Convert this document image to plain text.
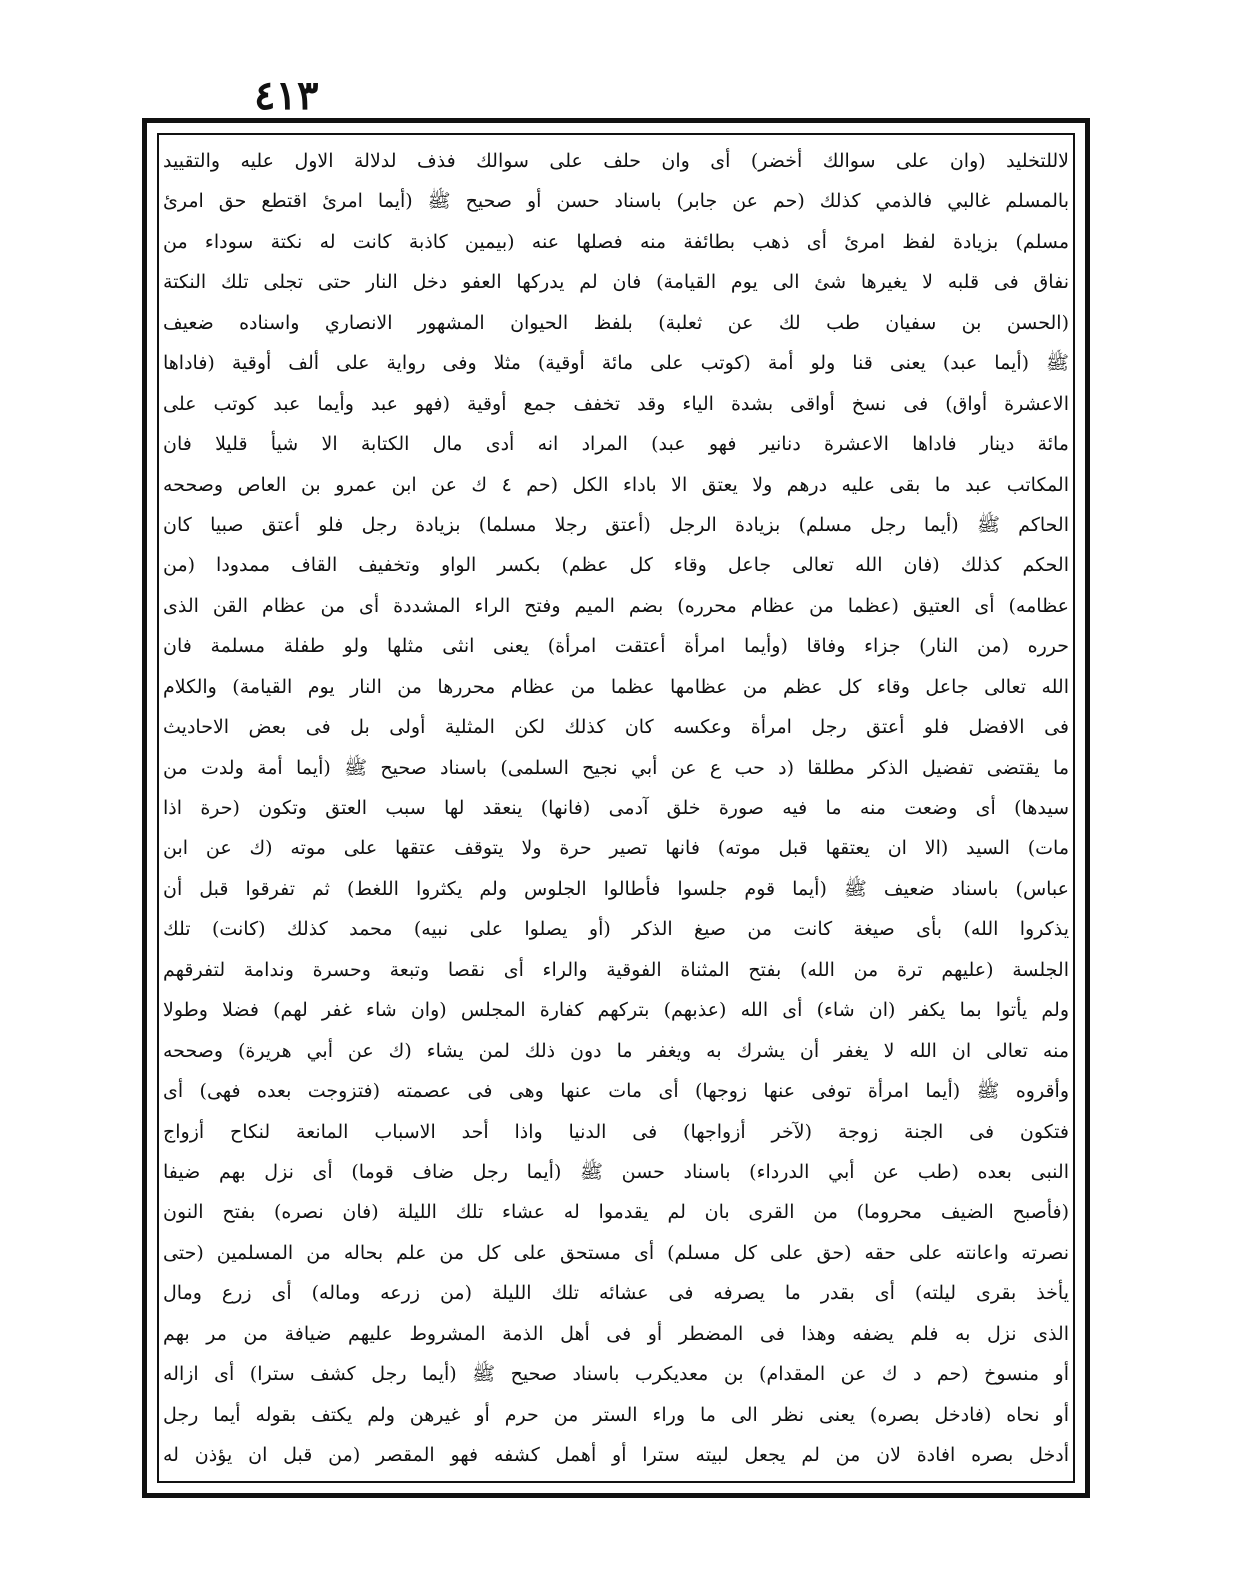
٤١٣
لاللتخليد (وان على سوالك أخضر) أى وان حلف على سوالك فذف لدلالة الاول عليه والتقييد
بالمسلم غالبي فالذمي كذلك (حم عن جابر) باسناد حسن أو صحيح ﷺ (أيما امرئ اقتطع حق امرئ
مسلم) بزيادة لفظ امرئ أى ذهب بطائفة منه فصلها عنه (بيمين كاذبة كانت له نكتة سوداء من
نفاق فى قلبه لا يغيرها شئ الى يوم القيامة) فان لم يدركها العفو دخل النار حتى تجلى تلك النكتة
(الحسن بن سفيان طب لك عن ثعلبة) بلفظ الحيوان المشهور الانصاري واسناده ضعيف
ﷺ (أيما عبد) يعنى قنا ولو أمة (كوتب على مائة أوقية) مثلا وفى رواية على ألف أوقية (فاداها
الاعشرة أواق) فى نسخ أواقى بشدة الياء وقد تخفف جمع أوقية (فهو عبد وأيما عبد كوتب على
مائة دينار فاداها الاعشرة دنانير فهو عبد) المراد انه أدى مال الكتابة الا شيأ قليلا فان
المكاتب عبد ما بقى عليه درهم ولا يعتق الا باداء الكل (حم ٤ ك عن ابن عمرو بن العاص وصححه
الحاكم ﷺ (أيما رجل مسلم) بزيادة الرجل (أعتق رجلا مسلما) بزيادة رجل فلو أعتق صبيا كان
الحكم كذلك (فان الله تعالى جاعل وقاء كل عظم) بكسر الواو وتخفيف القاف ممدودا (من
عظامه) أى العتيق (عظما من عظام محرره) بضم الميم وفتح الراء المشددة أى من عظام القن الذى
حرره (من النار) جزاء وفاقا (وأيما امرأة أعتقت امرأة) يعنى انثى مثلها ولو طفلة مسلمة فان
الله تعالى جاعل وقاء كل عظم من عظامها عظما من عظام محررها من النار يوم القيامة) والكلام
فى الافضل فلو أعتق رجل امرأة وعكسه كان كذلك لكن المثلية أولى بل فى بعض الاحاديث
ما يقتضى تفضيل الذكر مطلقا (د حب ع عن أبي نجيح السلمى) باسناد صحيح ﷺ (أيما أمة ولدت من
سيدها) أى وضعت منه ما فيه صورة خلق آدمى (فانها) ينعقد لها سبب العتق وتكون (حرة اذا
مات) السيد (الا ان يعتقها قبل موته) فانها تصير حرة ولا يتوقف عتقها على موته (ك عن ابن
عباس) باسناد ضعيف ﷺ (أيما قوم جلسوا فأطالوا الجلوس ولم يكثروا اللغط) ثم تفرقوا قبل أن
يذكروا الله) بأى صيغة كانت من صيغ الذكر (أو يصلوا على نبيه) محمد كذلك (كانت) تلك
الجلسة (عليهم ترة من الله) بفتح المثناة الفوقية والراء أى نقصا وتبعة وحسرة وندامة لتفرقهم
ولم يأتوا بما يكفر (ان شاء) أى الله (عذبهم) بتركهم كفارة المجلس (وان شاء غفر لهم) فضلا وطولا
منه تعالى ان الله لا يغفر أن يشرك به ويغفر ما دون ذلك لمن يشاء (ك عن أبي هريرة) وصححه
وأقروه ﷺ (أيما امرأة توفى عنها زوجها) أى مات عنها وهى فى عصمته (فتزوجت بعده فهى) أى
فتكون فى الجنة زوجة (لآخر أزواجها) فى الدنيا واذا أحد الاسباب المانعة لنكاح أزواج
النبى بعده (طب عن أبي الدرداء) باسناد حسن ﷺ (أيما رجل ضاف قوما) أى نزل بهم ضيفا
(فأصبح الضيف محروما) من القرى بان لم يقدموا له عشاء تلك الليلة (فان نصره) بفتح النون
نصرته واعانته على حقه (حق على كل مسلم) أى مستحق على كل من علم بحاله من المسلمين (حتى
يأخذ بقرى ليلته) أى بقدر ما يصرفه فى عشائه تلك الليلة (من زرعه وماله) أى زرع ومال
الذى نزل به فلم يضفه وهذا فى المضطر أو فى أهل الذمة المشروط عليهم ضيافة من مر بهم
أو منسوخ (حم د ك عن المقدام) بن معديكرب باسناد صحيح ﷺ (أيما رجل كشف سترا) أى ازاله
أو نحاه (فادخل بصره) يعنى نظر الى ما وراء الستر من حرم أو غيرهن ولم يكتف بقوله أيما رجل
أدخل بصره افادة لان من لم يجعل لبيته سترا أو أهمل كشفه فهو المقصر (من قبل ان يؤذن له
